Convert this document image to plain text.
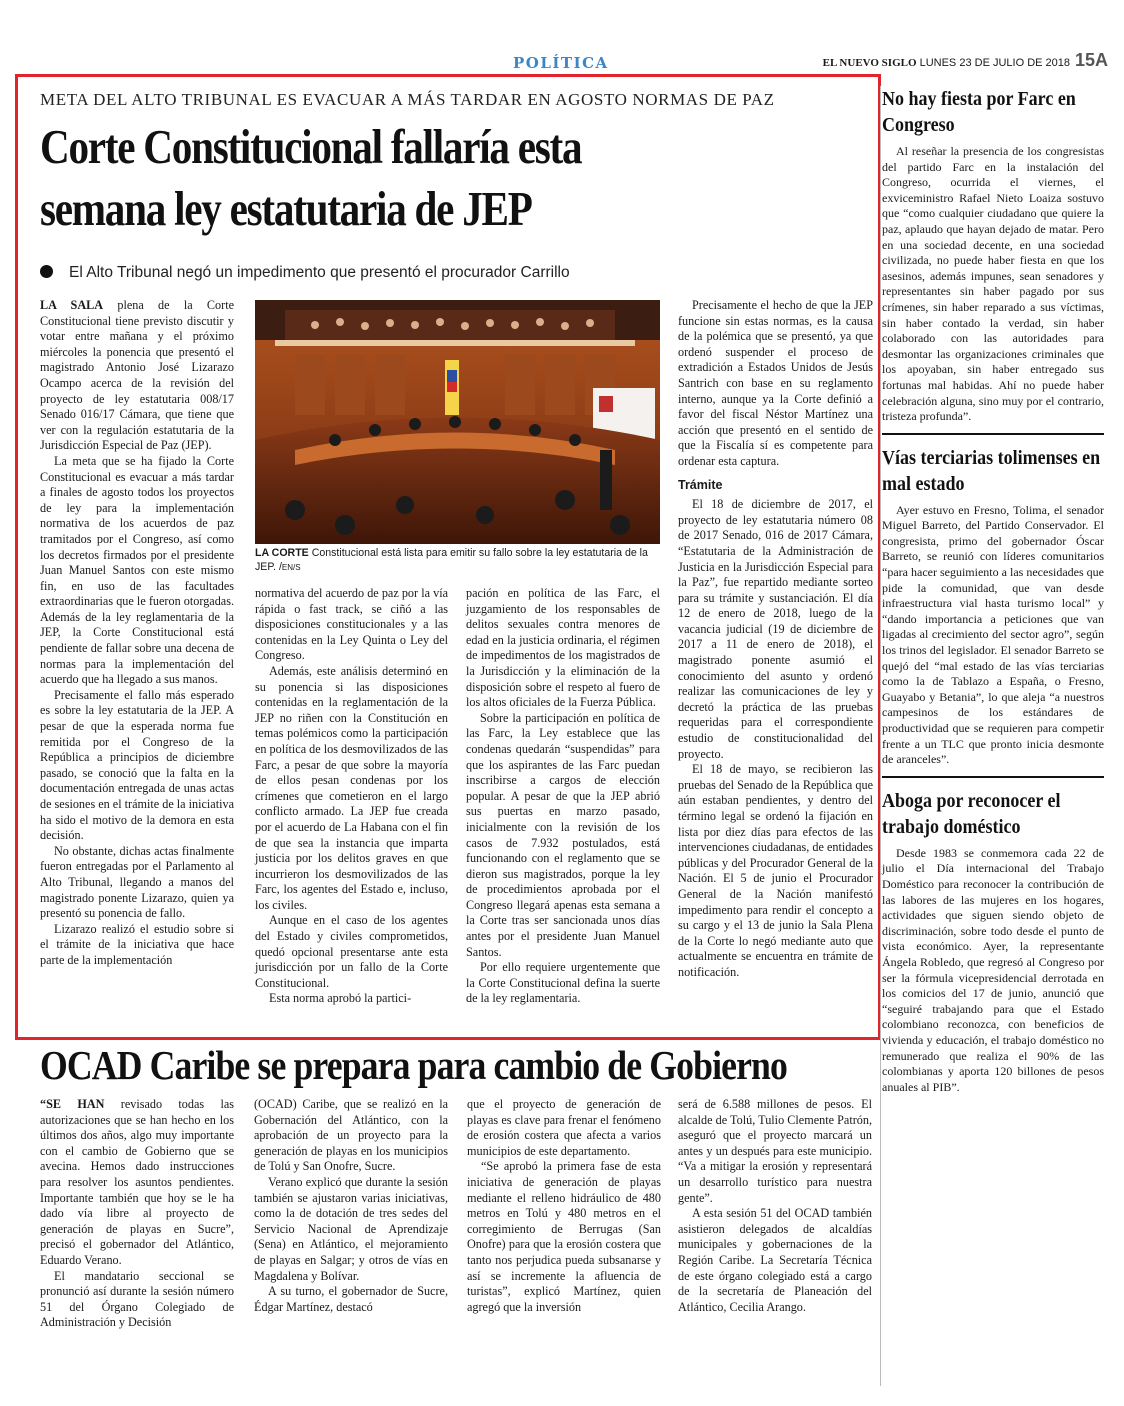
POLÍTICA	EL NUEVO SIGLO LUNES 23 DE JULIO DE 2018 15A
META DEL ALTO TRIBUNAL ES EVACUAR A MÁS TARDAR EN AGOSTO NORMAS DE PAZ
Corte Constitucional fallaría esta
semana ley estatutaria de JEP
El Alto Tribunal negó un impedimento que presentó el procurador Carrillo

LA SALA plena de la Corte Constitucional tiene previsto discutir y votar entre mañana y el próximo miércoles la ponencia que presentó el magistrado Antonio José Lizarazo Ocampo acerca de la revisión del proyecto de ley estatutaria 008/17 Senado 016/17 Cámara, que tiene que ver con la regulación estatutaria de la Jurisdicción Especial de Paz (JEP).

La meta que se ha fijado la Corte Constitucional es evacuar a más tardar a finales de agosto todos los proyectos de ley para la implementación normativa de los acuerdos de paz tramitados por el Congreso, así como los decretos firmados por el presidente Juan Manuel Santos con este mismo fin, en uso de las facultades extraordinarias que le fueron otorgadas. Además de la ley reglamentaria de la JEP, la Corte Constitucional está pendiente de fallar sobre una decena de normas para la implementación del acuerdo que ha llegado a sus manos.

Precisamente el fallo más esperado es sobre la ley estatutaria de la JEP. A pesar de que la esperada norma fue remitida por el Congreso de la República a principios de diciembre pasado, se conoció que la falta en la documentación entregada de unas actas de sesiones en el trámite de la iniciativa ha sido el motivo de la demora en esta decisión.

No obstante, dichas actas finalmente fueron entregadas por el Parlamento al Alto Tribunal, llegando a manos del magistrado ponente Lizarazo, quien ya presentó su ponencia de fallo.

Lizarazo realizó el estudio sobre si el trámite de la iniciativa que hace parte de la implementación

LA CORTE Constitucional está lista para emitir su fallo sobre la ley estatutaria de la JEP. /EN/S

normativa del acuerdo de paz por la vía rápida o fast track, se ciñó a las disposiciones constitucionales y a las contenidas en la Ley Quinta o Ley del Congreso.

Además, este análisis determinó en su ponencia si las disposiciones contenidas en la reglamentación de la JEP no riñen con la Constitución en temas polémicos como la participación en política de los desmovilizados de las Farc, a pesar de que sobre la mayoría de ellos pesan condenas por los crímenes que cometieron en el largo conflicto armado. La JEP fue creada por el acuerdo de La Habana con el fin de que sea la instancia que imparta justicia por los delitos graves en que incurrieron los desmovilizados de las Farc, los agentes del Estado e, incluso, los civiles.

Aunque en el caso de los agentes del Estado y civiles comprometidos, quedó opcional presentarse ante esta jurisdicción por un fallo de la Corte Constitucional.

Esta norma aprobó la partici-

pación en política de las Farc, el juzgamiento de los responsables de delitos sexuales contra menores de edad en la justicia ordinaria, el régimen de impedimentos de los magistrados de la Jurisdicción y la eliminación de la disposición sobre el respeto al fuero de los altos oficiales de la Fuerza Pública.

Sobre la participación en política de las Farc, la Ley establece que las condenas quedarán “suspendidas” para que los aspirantes de las Farc puedan inscribirse a cargos de elección popular. A pesar de que la JEP abrió sus puertas en marzo pasado, inicialmente con la revisión de los casos de 7.932 postulados, está funcionando con el reglamento que se dieron sus magistrados, porque la ley de procedimientos aprobada por el Congreso llegará apenas esta semana a la Corte tras ser sancionada unos días antes por el presidente Juan Manuel Santos.

Por ello requiere urgentemente que la Corte Constitucional defina la suerte de la ley reglamentaria.

Precisamente el hecho de que la JEP funcione sin estas normas, es la causa de la polémica que se presentó, ya que ordenó suspender el proceso de extradición a Estados Unidos de Jesús Santrich con base en su reglamento interno, aunque ya la Corte definió a favor del fiscal Néstor Martínez una acción que presentó en el sentido de que la Fiscalía sí es competente para ordenar esta captura.

Trámite

El 18 de diciembre de 2017, el proyecto de ley estatutaria número 08 de 2017 Senado, 016 de 2017 Cámara, “Estatutaria de la Administración de Justicia en la Jurisdicción Especial para la Paz”, fue repartido mediante sorteo para su trámite y sustanciación. El día 12 de enero de 2018, luego de la vacancia judicial (19 de diciembre de 2017 a 11 de enero de 2018), el magistrado ponente asumió el conocimiento del asunto y ordenó realizar las comunicaciones de ley y decretó la práctica de las pruebas requeridas para el correspondiente estudio de constitucionalidad del proyecto.

El 18 de mayo, se recibieron las pruebas del Senado de la República que aún estaban pendientes, y dentro del término legal se ordenó la fijación en lista por diez días para efectos de las intervenciones ciudadanas, de entidades públicas y del Procurador General de la Nación. El 5 de junio el Procurador General de la Nación manifestó impedimento para rendir el concepto a su cargo y el 13 de junio la Sala Plena de la Corte lo negó mediante auto que actualmente se encuentra en trámite de notificación.

No hay fiesta por Farc en Congreso

Al reseñar la presencia de los congresistas del partido Farc en la instalación del Congreso, ocurrida el viernes, el exviceministro Rafael Nieto Loaiza sostuvo que “como cualquier ciudadano que quiere la paz, aplaudo que hayan dejado de matar. Pero en una sociedad decente, en una sociedad civilizada, no puede haber fiesta en que los asesinos, además impunes, sean senadores y representantes sin haber pagado por sus crímenes, sin haber reparado a sus víctimas, sin haber contado la verdad, sin haber colaborado con las autoridades para desmontar las organizaciones criminales que los apoyaban, sin haber entregado sus fortunas mal habidas. Ahí no puede haber celebración alguna, sino muy por el contrario, tristeza profunda”.

Vías terciarias tolimenses en mal estado

Ayer estuvo en Fresno, Tolima, el senador Miguel Barreto, del Partido Conservador. El congresista, primo del gobernador Óscar Barreto, se reunió con líderes comunitarios “para hacer seguimiento a las necesidades que pide la comunidad, que van desde infraestructura vial hasta turismo local” y “dando importancia a peticiones que van ligadas al crecimiento del sector agro”, según los trinos del legislador. El senador Barreto se quejó del “mal estado de las vías terciarias como la de Tablazo a España, o Fresno, Guayabo y Betania”, lo que aleja “a nuestros campesinos de los estándares de productividad que se requieren para competir frente a un TLC que pronto inicia desmonte de aranceles”.

Aboga por reconocer el trabajo doméstico

Desde 1983 se conmemora cada 22 de julio el Día internacional del Trabajo Doméstico para reconocer la contribución de las labores de las mujeres en los hogares, actividades que siguen siendo objeto de discriminación, sobre todo desde el punto de vista económico. Ayer, la representante Ángela Robledo, que regresó al Congreso por ser la fórmula vicepresidencial derrotada en los comicios del 17 de junio, anunció que “seguiré trabajando para que el Estado colombiano reconozca, con beneficios de vivienda y educación, el trabajo doméstico no remunerado que realiza el 90% de las colombianas y aporta 120 billones de pesos anuales al PIB”.

OCAD Caribe se prepara para cambio de Gobierno

“SE HAN revisado todas las autorizaciones que se han hecho en los últimos dos años, algo muy importante con el cambio de Gobierno que se avecina. Hemos dado instrucciones para resolver los asuntos pendientes. Importante también que hoy se le ha dado vía libre al proyecto de generación de playas en Sucre”, precisó el gobernador del Atlántico, Eduardo Verano.

El mandatario seccional se pronunció así durante la sesión número 51 del Órgano Colegiado de Administración y Decisión

(OCAD) Caribe, que se realizó en la Gobernación del Atlántico, con la aprobación de un proyecto para la generación de playas en los municipios de Tolú y San Onofre, Sucre.

Verano explicó que durante la sesión también se ajustaron varias iniciativas, como la de dotación de tres sedes del Servicio Nacional de Aprendizaje (Sena) en Atlántico, el mejoramiento de playas en Salgar; y otros de vías en Magdalena y Bolívar.

A su turno, el gobernador de Sucre, Édgar Martínez, destacó

que el proyecto de generación de playas es clave para frenar el fenómeno de erosión costera que afecta a varios municipios de este departamento.

“Se aprobó la primera fase de esta iniciativa de generación de playas mediante el relleno hidráulico de 480 metros en Tolú y 480 metros en el corregimiento de Berrugas (San Onofre) para que la erosión costera que tanto nos perjudica pueda subsanarse y así se incremente la afluencia de turistas”, explicó Martínez, quien agregó que la inversión

será de 6.588 millones de pesos. El alcalde de Tolú, Tulio Clemente Patrón, aseguró que el proyecto marcará un antes y un después para este municipio. “Va a mitigar la erosión y representará un desarrollo turístico para nuestra gente”.

A esta sesión 51 del OCAD también asistieron delegados de alcaldías municipales y gobernaciones de la Región Caribe. La Secretaría Técnica de este órgano colegiado está a cargo de la secretaría de Planeación del Atlántico, Cecilia Arango.
